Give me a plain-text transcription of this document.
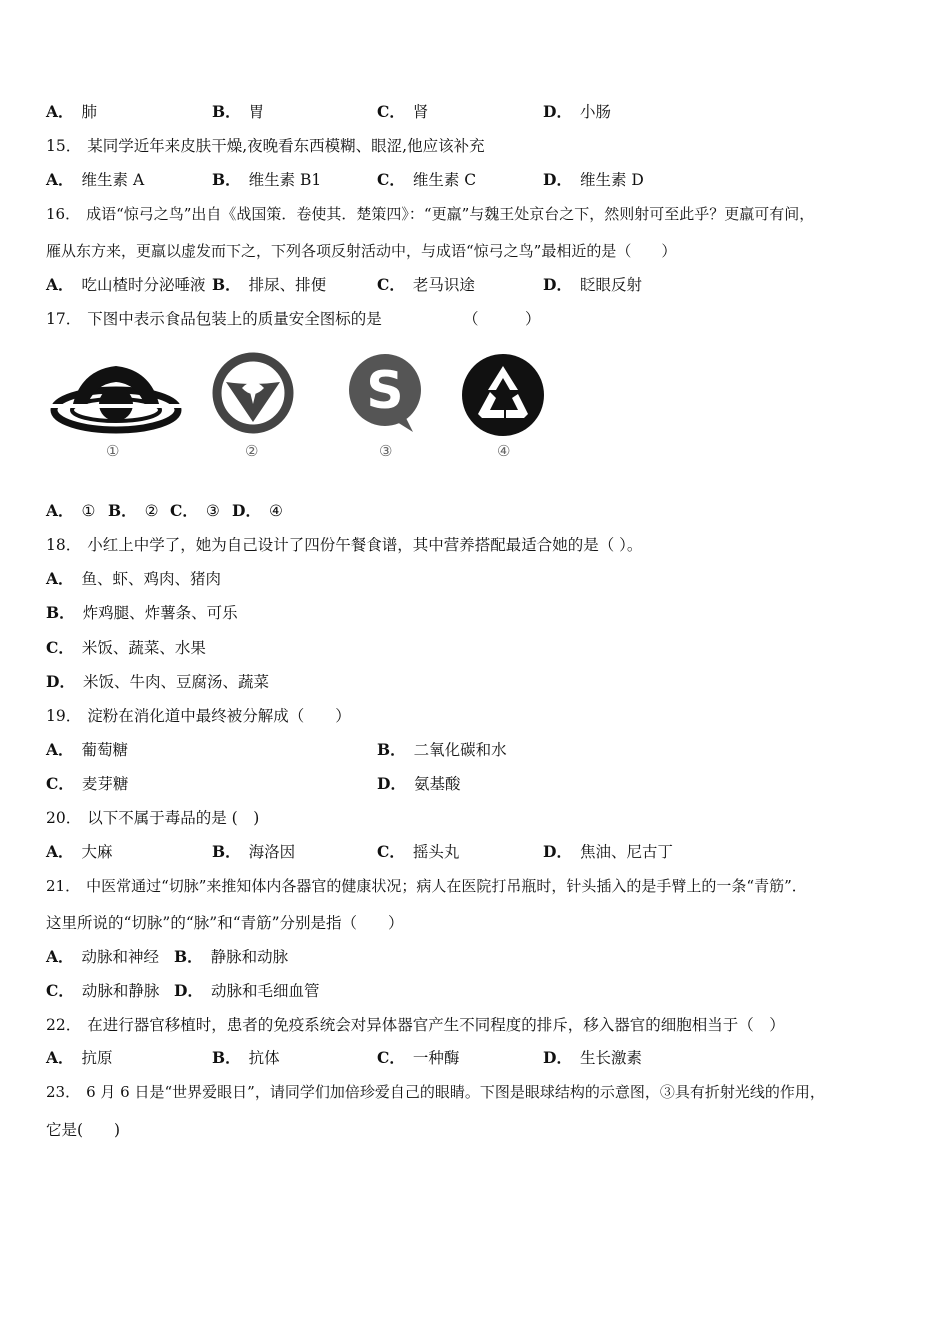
A． 肺	B． 胃	C． 肾	D． 小肠
15． 某同学近年来皮肤干燥,夜晚看东西模糊、眼涩,他应该补充
A． 维生素 A	B． 维生素 B1	C． 维生素 C	D． 维生素 D
16． 成语“惊弓之鸟”出自《战国策．卷使其．楚策四》：“更羸”与魏王处京台之下，然则射可至此乎？更羸可有间，
雁从东方来，更羸以虚发而下之，下列各项反射活动中，与成语“惊弓之鸟”最相近的是（　　）
A． 吃山楂时分泌唾液 B． 排尿、排便	C． 老马识途	D． 眨眼反射
17． 下图中表示食品包装上的质量安全图标的是	（　　　）
S
①	②	③	④
A． ① B． ② C． ③ D． ④
18． 小红上中学了，她为自己设计了四份午餐食谱，其中营养搭配最适合她的是（ ）。
A． 鱼、虾、鸡肉、猪肉
B． 炸鸡腿、炸薯条、可乐
C． 米饭、蔬菜、水果
D． 米饭、牛肉、豆腐汤、蔬菜
19． 淀粉在消化道中最终被分解成（　　）
A． 葡萄糖	B． 二氧化碳和水
C． 麦芽糖	D． 氨基酸
20． 以下不属于毒品的是 (　)
A． 大麻	B． 海洛因	C． 摇头丸	D． 焦油、尼古丁
21． 中医常通过“切脉”来推知体内各器官的健康状况；病人在医院打吊瓶时，针头插入的是手臂上的一条“青筋”．
这里所说的“切脉”的“脉”和“青筋”分别是指（　　）
A． 动脉和神经 B． 静脉和动脉
C． 动脉和静脉 D． 动脉和毛细血管
22． 在进行器官移植时，患者的免疫系统会对异体器官产生不同程度的排斥，移入器官的细胞相当于（　）
A． 抗原	B． 抗体	C． 一种酶	D． 生长激素
23． 6 月 6 日是“世界爱眼日”，请同学们加倍珍爱自己的眼睛。下图是眼球结构的示意图，③具有折射光线的作用，
它是(　　)
